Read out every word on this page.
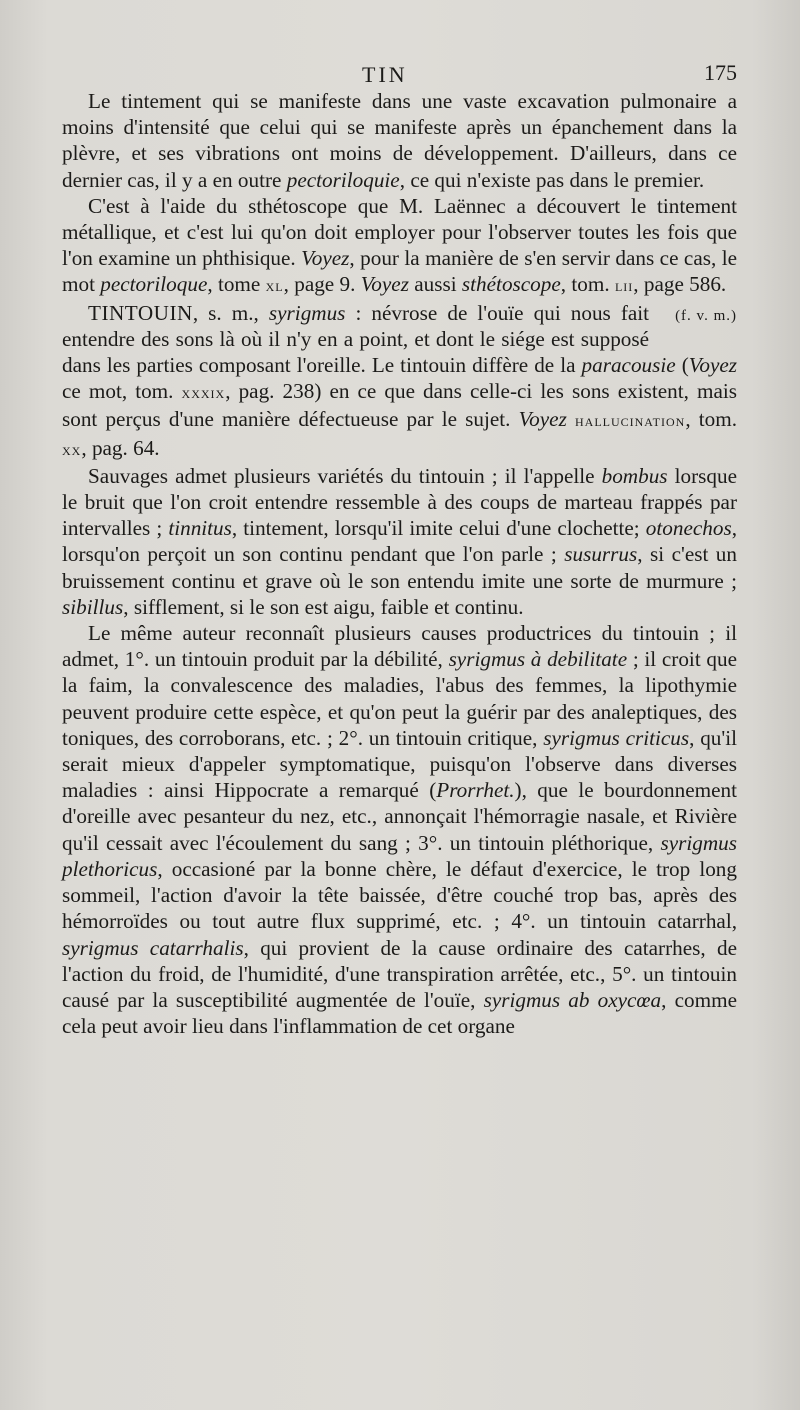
TIN	175

Le tintement qui se manifeste dans une vaste excavation pulmonaire a moins d'intensité que celui qui se manifeste après un épanchement dans la plèvre, et ses vibrations ont moins de développement. D'ailleurs, dans ce dernier cas, il y a en outre pectoriloquie, ce qui n'existe pas dans le premier.

C'est à l'aide du sthétoscope que M. Laënnec a découvert le tintement métallique, et c'est lui qu'on doit employer pour l'observer toutes les fois que l'on examine un phthisique. Voyez, pour la manière de s'en servir dans ce cas, le mot pectoriloque, tome xl, page 9. Voyez aussi sthétoscope, tom. lii, page 586.
(f. v. m.)

TINTOUIN, s. m., syrigmus : névrose de l'ouïe qui nous fait entendre des sons là où il n'y en a point, et dont le siége est supposé dans les parties composant l'oreille. Le tintouin diffère de la paracousie (Voyez ce mot, tom. xxxix, pag. 238) en ce que dans celle-ci les sons existent, mais sont perçus d'une manière défectueuse par le sujet. Voyez hallucination, tom. xx, pag. 64.

Sauvages admet plusieurs variétés du tintouin ; il l'appelle bombus lorsque le bruit que l'on croit entendre ressemble à des coups de marteau frappés par intervalles ; tinnitus, tintement, lorsqu'il imite celui d'une clochette; otonechos, lorsqu'on perçoit un son continu pendant que l'on parle ; susurrus, si c'est un bruissement continu et grave où le son entendu imite une sorte de murmure ; sibillus, sifflement, si le son est aigu, faible et continu.

Le même auteur reconnaît plusieurs causes productrices du tintouin ; il admet, 1°. un tintouin produit par la débilité, syrigmus à debilitate ; il croit que la faim, la convalescence des maladies, l'abus des femmes, la lipothymie peuvent produire cette espèce, et qu'on peut la guérir par des analeptiques, des toniques, des corroborans, etc. ; 2°. un tintouin critique, syrigmus criticus, qu'il serait mieux d'appeler symptomatique, puisqu'on l'observe dans diverses maladies : ainsi Hippocrate a remarqué (Prorrhet.), que le bourdonnement d'oreille avec pesanteur du nez, etc., annonçait l'hémorragie nasale, et Rivière qu'il cessait avec l'écoulement du sang ; 3°. un tintouin pléthorique, syrigmus plethoricus, occasioné par la bonne chère, le défaut d'exercice, le trop long sommeil, l'action d'avoir la tête baissée, d'être couché trop bas, après des hémorroïdes ou tout autre flux supprimé, etc. ; 4°. un tintouin catarrhal, syrigmus catarrhalis, qui provient de la cause ordinaire des catarrhes, de l'action du froid, de l'humidité, d'une transpiration arrêtée, etc., 5°. un tintouin causé par la susceptibilité augmentée de l'ouïe, syrigmus ab oxycœa, comme cela peut avoir lieu dans l'inflammation de cet organe
